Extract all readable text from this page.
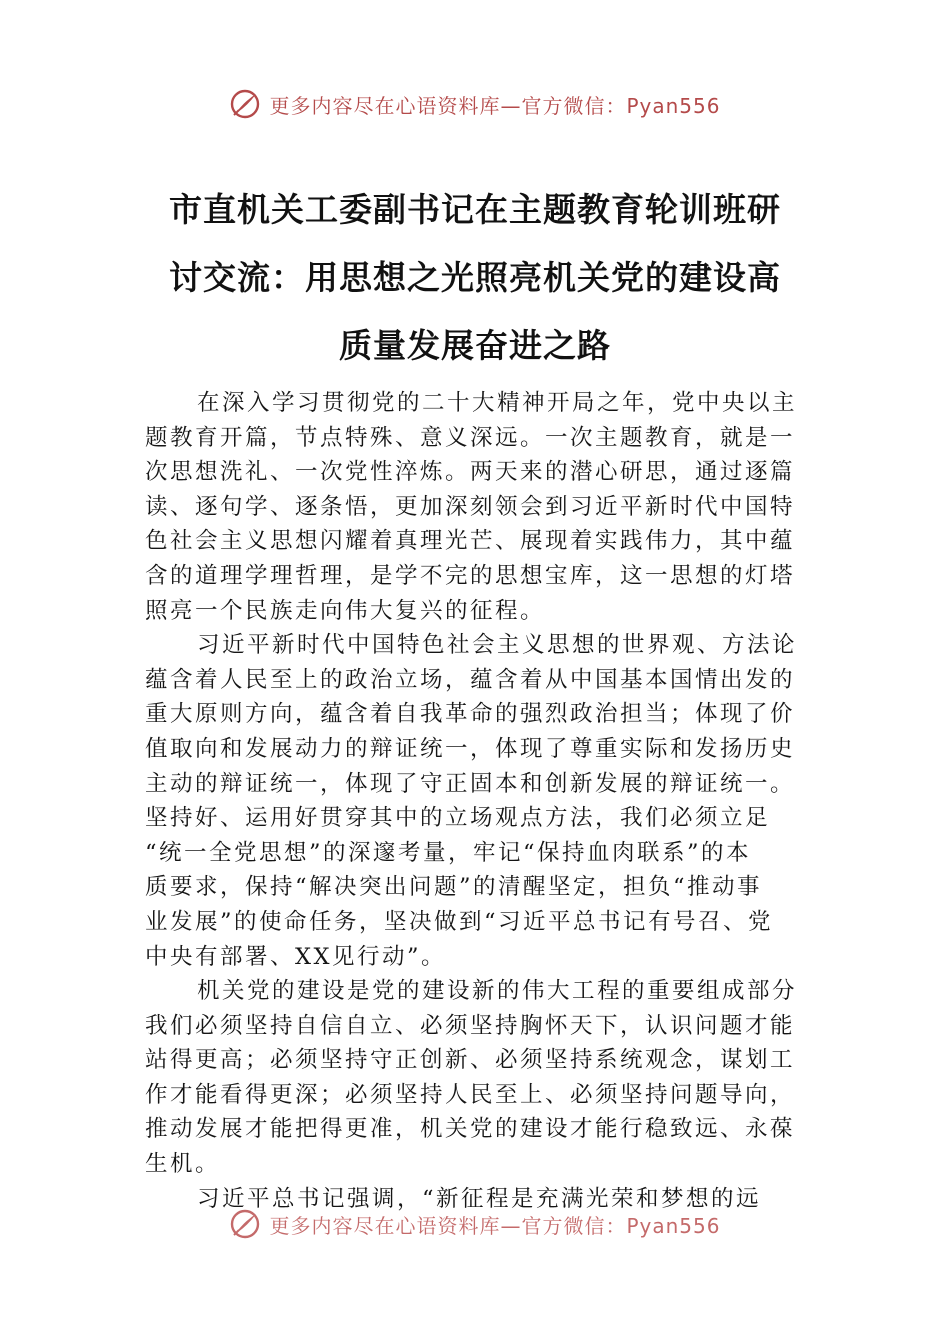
更多内容尽在心语资料库—官方微信：Pyan556
市直机关工委副书记在主题教育轮训班研
讨交流：用思想之光照亮机关党的建设高
质量发展奋进之路
在深入学习贯彻党的二十大精神开局之年，党中央以主
题教育开篇，节点特殊、意义深远。一次主题教育，就是一
次思想洗礼、一次党性淬炼。两天来的潜心研思，通过逐篇
读、逐句学、逐条悟，更加深刻领会到习近平新时代中国特
色社会主义思想闪耀着真理光芒、展现着实践伟力，其中蕴
含的道理学理哲理，是学不完的思想宝库，这一思想的灯塔
照亮一个民族走向伟大复兴的征程。
习近平新时代中国特色社会主义思想的世界观、方法论
蕴含着人民至上的政治立场，蕴含着从中国基本国情出发的
重大原则方向，蕴含着自我革命的强烈政治担当；体现了价
值取向和发展动力的辩证统一，体现了尊重实际和发扬历史
主动的辩证统一，体现了守正固本和创新发展的辩证统一。
坚持好、运用好贯穿其中的立场观点方法，我们必须立足
“统一全党思想”的深邃考量，牢记“保持血肉联系”的本
质要求，保持“解决突出问题”的清醒坚定，担负“推动事
业发展”的使命任务，坚决做到“习近平总书记有号召、党
中央有部署、XX见行动”。
机关党的建设是党的建设新的伟大工程的重要组成部分
我们必须坚持自信自立、必须坚持胸怀天下，认识问题才能
站得更高；必须坚持守正创新、必须坚持系统观念，谋划工
作才能看得更深；必须坚持人民至上、必须坚持问题导向，
推动发展才能把得更准，机关党的建设才能行稳致远、永葆
生机。
习近平总书记强调，“新征程是充满光荣和梦想的远
更多内容尽在心语资料库—官方微信：Pyan556
